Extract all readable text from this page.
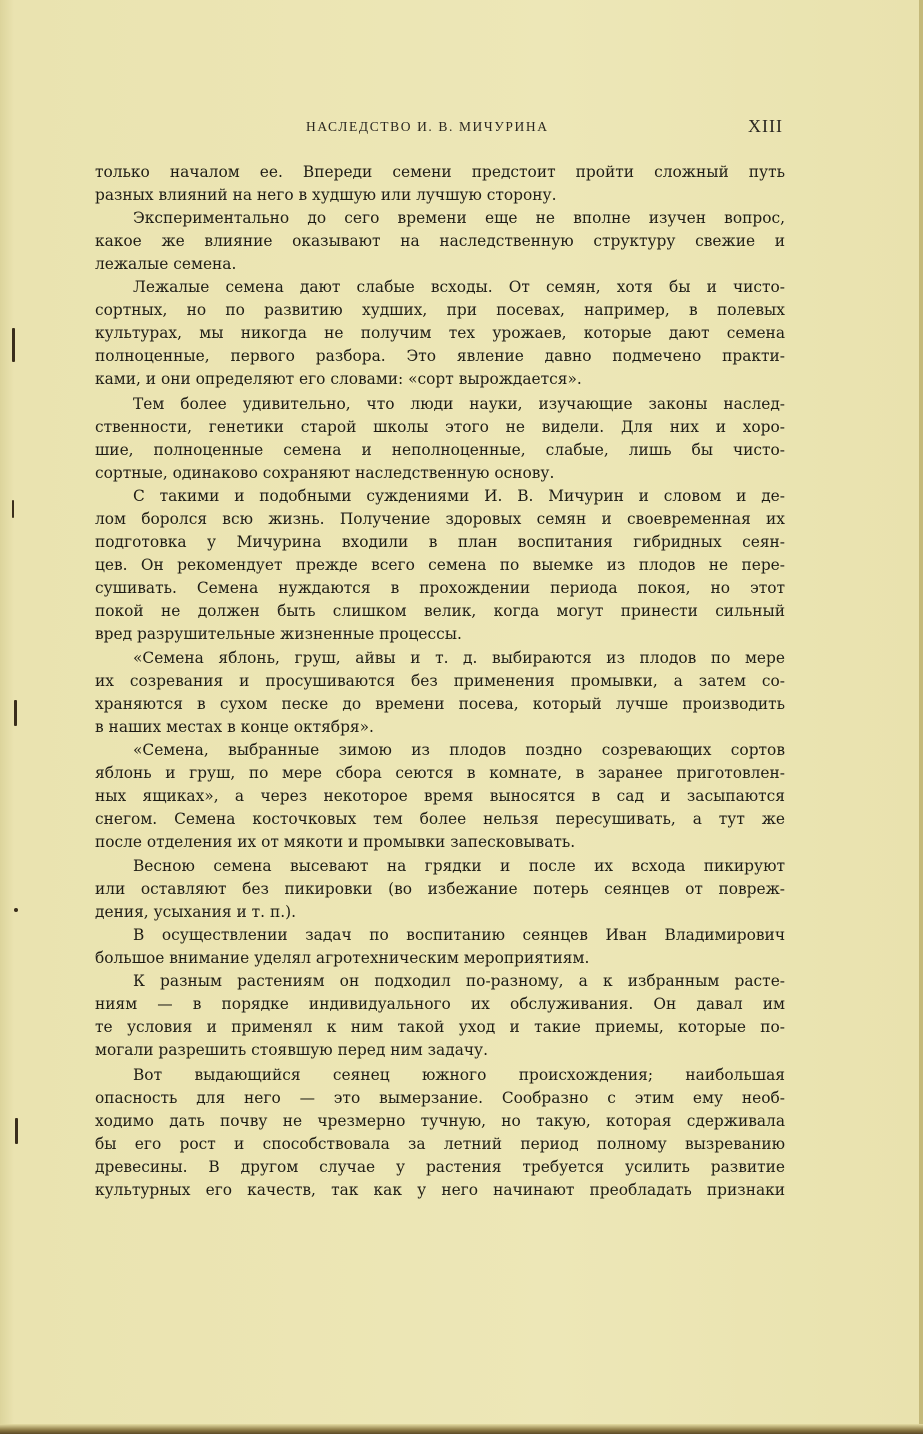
НАСЛЕДСТВО И. В. МИЧУРИНА	XIII
только началом ее. Впереди семени предстоит пройти сложный путь
разных влияний на него в худшую или лучшую сторону.
Экспериментально до сего времени еще не вполне изучен вопрос,
какое же влияние оказывают на наследственную структуру свежие и
лежалые семена.
Лежалые семена дают слабые всходы. От семян, хотя бы и чисто-
сортных, но по развитию худших, при посевах, например, в полевых
культурах, мы никогда не получим тех урожаев, которые дают семена
полноценные, первого разбора. Это явление давно подмечено практи-
ками, и они определяют его словами: «сорт вырождается».
Тем более удивительно, что люди науки, изучающие законы наслед-
ственности, генетики старой школы этого не видели. Для них и хоро-
шие, полноценные семена и неполноценные, слабые, лишь бы чисто-
сортные, одинаково сохраняют наследственную основу.
С такими и подобными суждениями И. В. Мичурин и словом и де-
лом боролся всю жизнь. Получение здоровых семян и своевременная их
подготовка у Мичурина входили в план воспитания гибридных сеян-
цев. Он рекомендует прежде всего семена по выемке из плодов не пере-
сушивать. Семена нуждаются в прохождении периода покоя, но этот
покой не должен быть слишком велик, когда могут принести сильный
вред разрушительные жизненные процессы.
«Семена яблонь, груш, айвы и т. д. выбираются из плодов по мере
их созревания и просушиваются без применения промывки, а затем со-
храняются в сухом песке до времени посева, который лучше производить
в наших местах в конце октября».
«Семена, выбранные зимою из плодов поздно созревающих сортов
яблонь и груш, по мере сбора сеются в комнате, в заранее приготовлен-
ных ящиках», а через некоторое время выносятся в сад и засыпаются
снегом. Семена косточковых тем более нельзя пересушивать, а тут же
после отделения их от мякоти и промывки запесковывать.
Весною семена высевают на грядки и после их всхода пикируют
или оставляют без пикировки (во избежание потерь сеянцев от повреж-
дения, усыхания и т. п.).
В осуществлении задач по воспитанию сеянцев Иван Владимирович
большое внимание уделял агротехническим мероприятиям.
К разным растениям он подходил по-разному, а к избранным расте-
ниям — в порядке индивидуального их обслуживания. Он давал им
те условия и применял к ним такой уход и такие приемы, которые по-
могали разрешить стоявшую перед ним задачу.
Вот выдающийся сеянец южного происхождения; наибольшая
опасность для него — это вымерзание. Сообразно с этим ему необ-
ходимо дать почву не чрезмерно тучную, но такую, которая сдерживала
бы его рост и способствовала за летний период полному вызреванию
древесины. В другом случае у растения требуется усилить развитие
культурных его качеств, так как у него начинают преобладать признаки
